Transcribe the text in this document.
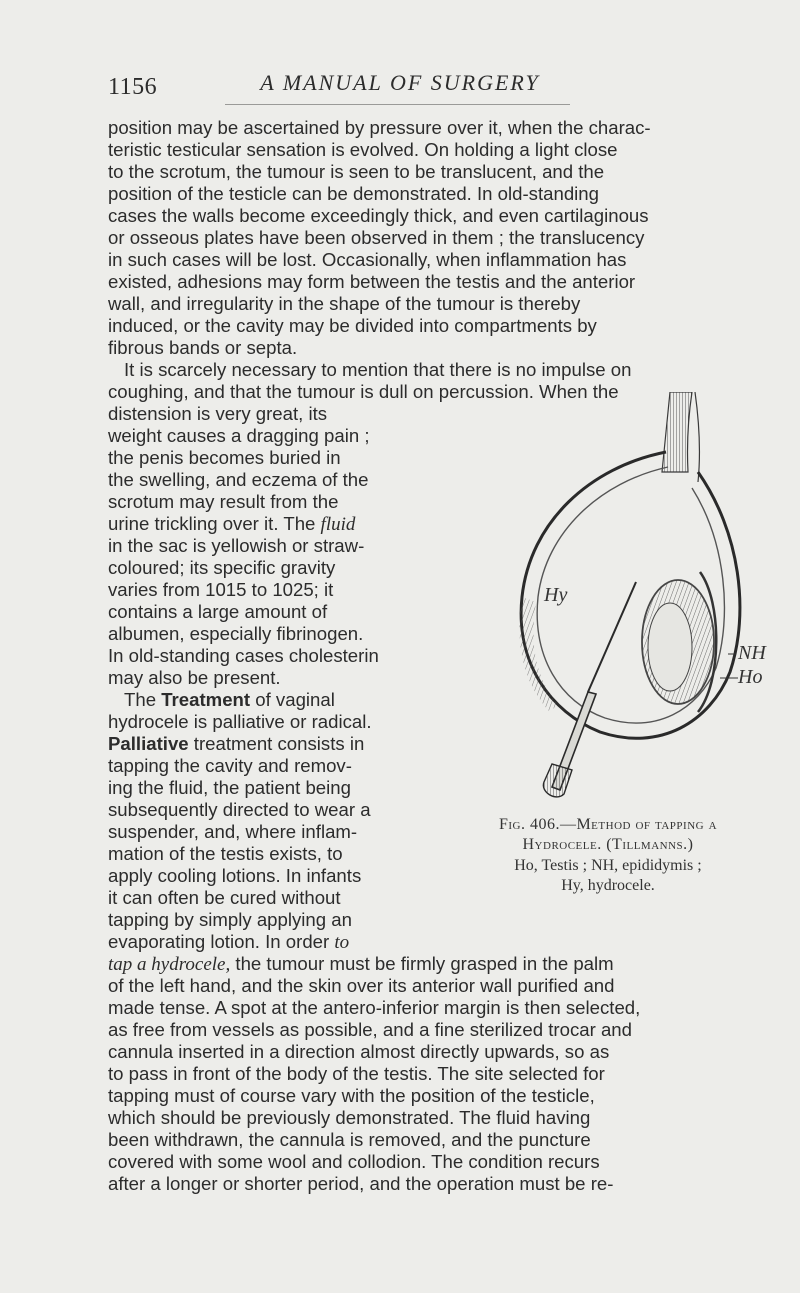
1156	A MANUAL OF SURGERY
position may be ascertained by pressure over it, when the charac-
teristic testicular sensation is evolved. On holding a light close
to the scrotum, the tumour is seen to be translucent, and the
position of the testicle can be demonstrated. In old-standing
cases the walls become exceedingly thick, and even cartilaginous
or osseous plates have been observed in them ; the translucency
in such cases will be lost. Occasionally, when inflammation has
existed, adhesions may form between the testis and the anterior
wall, and irregularity in the shape of the tumour is thereby
induced, or the cavity may be divided into compartments by
fibrous bands or septa.
It is scarcely necessary to mention that there is no impulse on
coughing, and that the tumour is dull on percussion. When the
distension is very great, its
weight causes a dragging pain ;
the penis becomes buried in
the swelling, and eczema of the
scrotum may result from the
urine trickling over it. The fluid
in the sac is yellowish or straw-
coloured; its specific gravity
varies from 1015 to 1025; it
contains a large amount of
albumen, especially fibrinogen.
In old-standing cases cholesterin
may also be present.
The Treatment of vaginal
hydrocele is palliative or radical.
Palliative treatment consists in
tapping the cavity and remov-
ing the fluid, the patient being
subsequently directed to wear a
suspender, and, where inflam-
mation of the testis exists, to
apply cooling lotions. In infants
it can often be cured without
tapping by simply applying an
evaporating lotion. In order to
tap a hydrocele, the tumour must be firmly grasped in the palm
of the left hand, and the skin over its anterior wall purified and
made tense. A spot at the antero-inferior margin is then selected,
as free from vessels as possible, and a fine sterilized trocar and
cannula inserted in a direction almost directly upwards, so as
to pass in front of the body of the testis. The site selected for
tapping must of course vary with the position of the testicle,
which should be previously demonstrated. The fluid having
been withdrawn, the cannula is removed, and the puncture
covered with some wool and collodion. The condition recurs
after a longer or shorter period, and the operation must be re-
Hy
NH
Ho
Fig. 406.—Method of tapping a
Hydrocele. (Tillmanns.)
Ho, Testis ; NH, epididymis ;
Hy, hydrocele.
